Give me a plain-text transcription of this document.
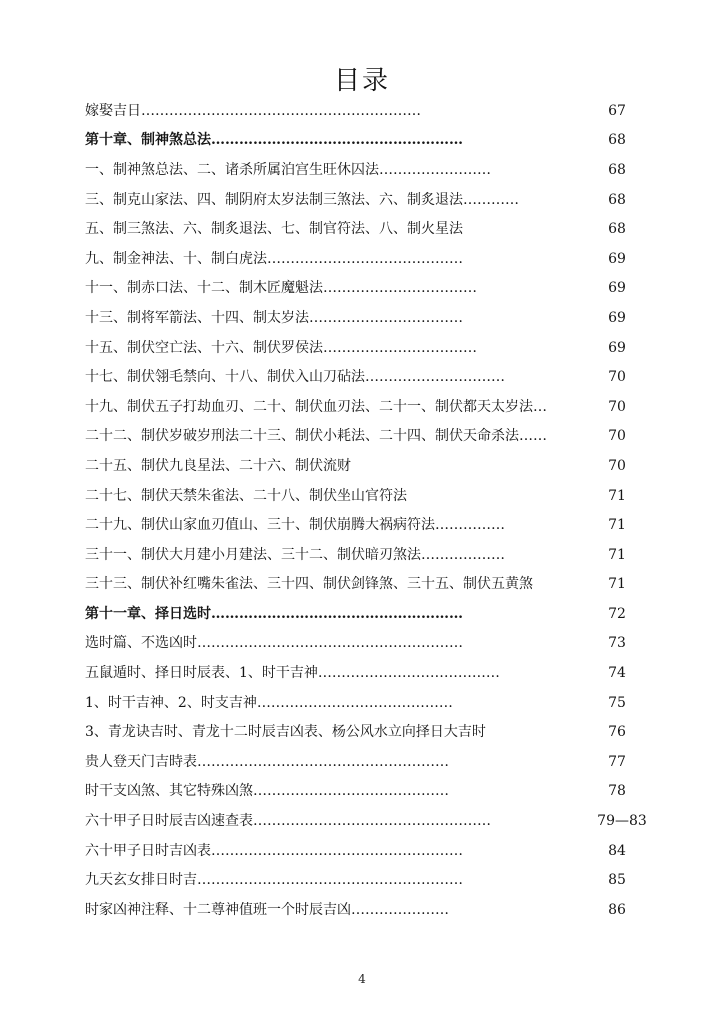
目录
嫁娶吉日……………………………………………………	67
第十章、制神煞总法………………………………………………	68
一、制神煞总法、二、诸杀所属泊宫生旺休囚法……………………	68
三、制克山家法、四、制阴府太岁法制三煞法、六、制炙退法…………	68
五、制三煞法、六、制炙退法、七、制官符法、八、制火星法	68
九、制金神法、十、制白虎法……………………………………	69
十一、制赤口法、十二、制木匠魔魁法……………………………	69
十三、制将军箭法、十四、制太岁法……………………………	69
十五、制伏空亡法、十六、制伏罗侯法……………………………	69
十七、制伏翎毛禁向、十八、制伏入山刀砧法…………………………	70
十九、制伏五子打劫血刃、二十、制伏血刃法、二十一、制伏都天太岁法…	70
二十二、制伏岁破岁刑法二十三、制伏小耗法、二十四、制伏天命杀法……	70
二十五、制伏九良星法、二十六、制伏流财	70
二十七、制伏天禁朱雀法、二十八、制伏坐山官符法	71
二十九、制伏山家血刃值山、三十、制伏崩腾大祸病符法……………	71
三十一、制伏大月建小月建法、三十二、制伏暗刃煞法………………	71
三十三、制伏补红嘴朱雀法、三十四、制伏剑锋煞、三十五、制伏五黄煞	71
第十一章、择日选时………………………………………………	72
选时篇、不选凶时…………………………………………………	73
五鼠遁时、择日时辰表、1、时干吉神…………………………………	74
1、时干吉神、2、时支吉神……………………………………	75
3、青龙诀吉时、青龙十二时辰吉凶表、杨公风水立向择日大吉时	76
贵人登天门吉時表………………………………………………	77
时干支凶煞、其它特殊凶煞……………………………………	78
六十甲子日时辰吉凶速查表……………………………………………	79—83
六十甲子日时吉凶表………………………………………………	84
九天玄女排日时吉…………………………………………………	85
时家凶神注释、十二尊神值班一个时辰吉凶…………………	86
4
